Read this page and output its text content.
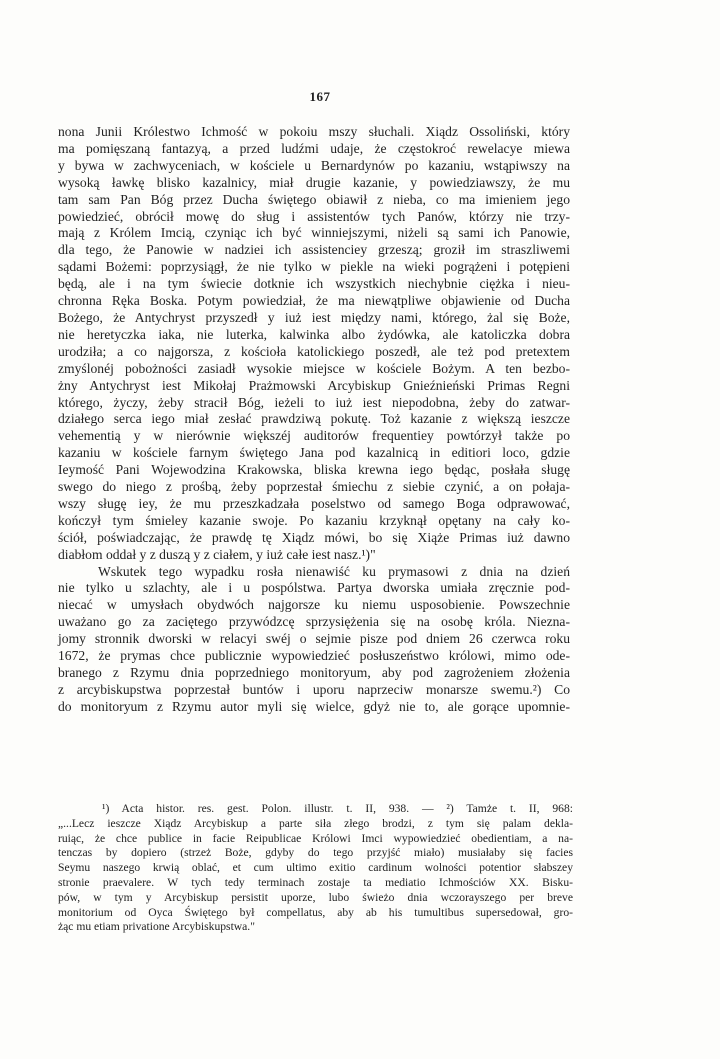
167

nona Junii Królestwo Ichmość w pokoiu mszy słuchali. Xiądz Ossoliński, który
ma pomięszaną fantazyą, a przed ludźmi udaje, że częstokroć rewelacye miewa
y bywa w zachwyceniach, w kościele u Bernardynów po kazaniu, wstąpiwszy na
wysoką ławkę blisko kazalnicy, miał drugie kazanie, y powiedziawszy, że mu
tam sam Pan Bóg przez Ducha świętego obiawił z nieba, co ma imieniem jego
powiedzieć, obrócił mowę do sług i assistentów tych Panów, którzy nie trzy-
mają z Królem Imcią, czyniąc ich być winniejszymi, niżeli są sami ich Panowie,
dla tego, że Panowie w nadziei ich assistenciey grzeszą; groził im straszliwemi
sądami Bożemi: poprzysiągł, że nie tylko w piekle na wieki pogrążeni i potępieni
będą, ale i na tym świecie dotknie ich wszystkich niechybnie ciężka i nieu-
chronna Ręka Boska. Potym powiedział, że ma niewątpliwe objawienie od Ducha
Bożego, że Antychryst przyszedł y iuż iest między nami, którego, żal się Boże,
nie heretyczka iaka, nie luterka, kalwinka albo żydówka, ale katoliczka dobra
urodziła; a co najgorsza, z kościoła katolickiego poszedł, ale też pod pretextem
zmyślonéj pobożności zasiadł wysokie miejsce w kościele Bożym. A ten bezbo-
żny Antychryst iest Mikołaj Prażmowski Arcybiskup Gnieźnieński Primas Regni
którego, życzy, żeby stracił Bóg, ieżeli to iuż iest niepodobna, żeby do zatwar-
działego serca iego miał zesłać prawdziwą pokutę. Toż kazanie z większą ieszcze
vehementią y w nierównie większéj auditorów frequentiey powtórzył także po
kazaniu w kościele farnym świętego Jana pod kazalnicą in editiori loco, gdzie
Ieymość Pani Wojewodzina Krakowska, bliska krewna iego będąc, posłała sługę
swego do niego z prośbą, żeby poprzestał śmiechu z siebie czynić, a on połaja-
wszy sługę iey, że mu przeszkadzała poselstwo od samego Boga odprawować,
kończył tym śmieley kazanie swoje. Po kazaniu krzyknął opętany na cały ko-
ściół, poświadczając, że prawdę tę Xiądz mówi, bo się Xiąże Primas iuż dawno
diabłom oddał y z duszą y z ciałem, y iuż całe iest nasz.¹)"

Wskutek tego wypadku rosła nienawiść ku prymasowi z dnia na dzień
nie tylko u szlachty, ale i u pospólstwa. Partya dworska umiała zręcznie pod-
niecać w umysłach obydwóch najgorsze ku niemu usposobienie. Powszechnie
uważano go za zaciętego przywódzcę sprzysiężenia się na osobę króla. Niezna-
jomy stronnik dworski w relacyi swéj o sejmie pisze pod dniem 26 czerwca roku
1672, że prymas chce publicznie wypowiedzieć posłuszeństwo królowi, mimo ode-
branego z Rzymu dnia poprzedniego monitoryum, aby pod zagrożeniem złożenia
z arcybiskupstwa poprzestał buntów i uporu naprzeciw monarsze swemu.²) Co
do monitoryum z Rzymu autor myli się wielce, gdyż nie to, ale gorące upomnie-

¹) Acta histor. res. gest. Polon. illustr. t. II, 938. — ²) Tamże t. II, 968:
„...Lecz ieszcze Xiądz Arcybiskup a parte siła złego brodzi, z tym się palam dekla-
ruiąc, że chce publice in facie Reipublicae Królowi Imci wypowiedzieć obedientiam, a na-
tenczas by dopiero (strzeż Boże, gdyby do tego przyjść miało) musiałaby się facies
Seymu naszego krwią oblać, et cum ultimo exitio cardinum wolności potentior słabszey
stronie praevalere. W tych tedy terminach zostaje ta mediatio Ichmościów XX. Bisku-
pów, w tym y Arcybiskup persistit uporze, lubo świeżo dnia wczorayszego per breve
monitorium od Oyca Świętego był compellatus, aby ab his tumultibus supersedował, gro-
żąc mu etiam privatione Arcybiskupstwa."
